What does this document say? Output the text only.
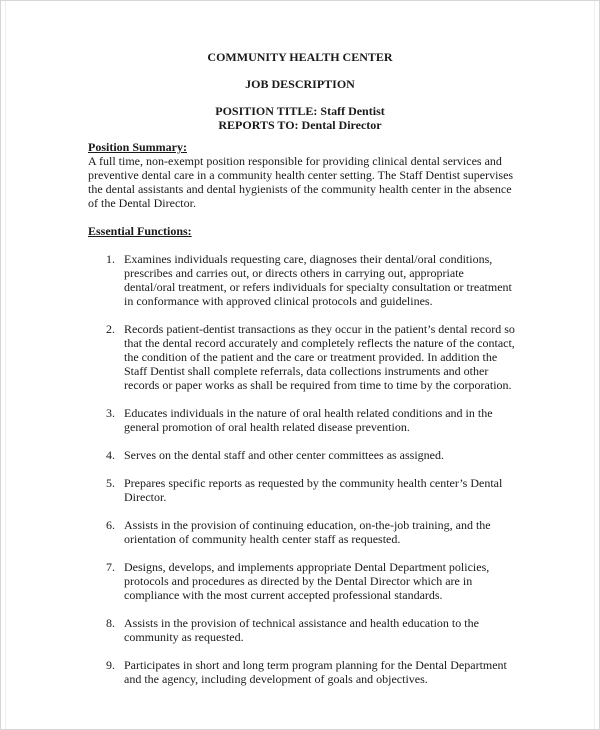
COMMUNITY HEALTH CENTER
JOB DESCRIPTION
POSITION TITLE: Staff Dentist
REPORTS TO: Dental Director
Position Summary:

A full time, non-exempt position responsible for providing clinical dental services and preventive dental care in a community health center setting. The Staff Dentist supervises the dental assistants and dental hygienists of the community health center in the absence of the Dental Director.

Essential Functions:
1. Examines individuals requesting care, diagnoses their dental/oral conditions, prescribes and carries out, or directs others in carrying out, appropriate dental/oral treatment, or refers individuals for specialty consultation or treatment in conformance with approved clinical protocols and guidelines.
2. Records patient-dentist transactions as they occur in the patient’s dental record so that the dental record accurately and completely reflects the nature of the contact, the condition of the patient and the care or treatment provided. In addition the Staff Dentist shall complete referrals, data collections instruments and other records or paper works as shall be required from time to time by the corporation.
3. Educates individuals in the nature of oral health related conditions and in the general promotion of oral health related disease prevention.
4. Serves on the dental staff and other center committees as assigned.
5. Prepares specific reports as requested by the community health center’s Dental Director.
6. Assists in the provision of continuing education, on-the-job training, and the orientation of community health center staff as requested.
7. Designs, develops, and implements appropriate Dental Department policies, protocols and procedures as directed by the Dental Director which are in compliance with the most current accepted professional standards.
8. Assists in the provision of technical assistance and health education to the community as requested.
9. Participates in short and long term program planning for the Dental Department and the agency, including development of goals and objectives.
